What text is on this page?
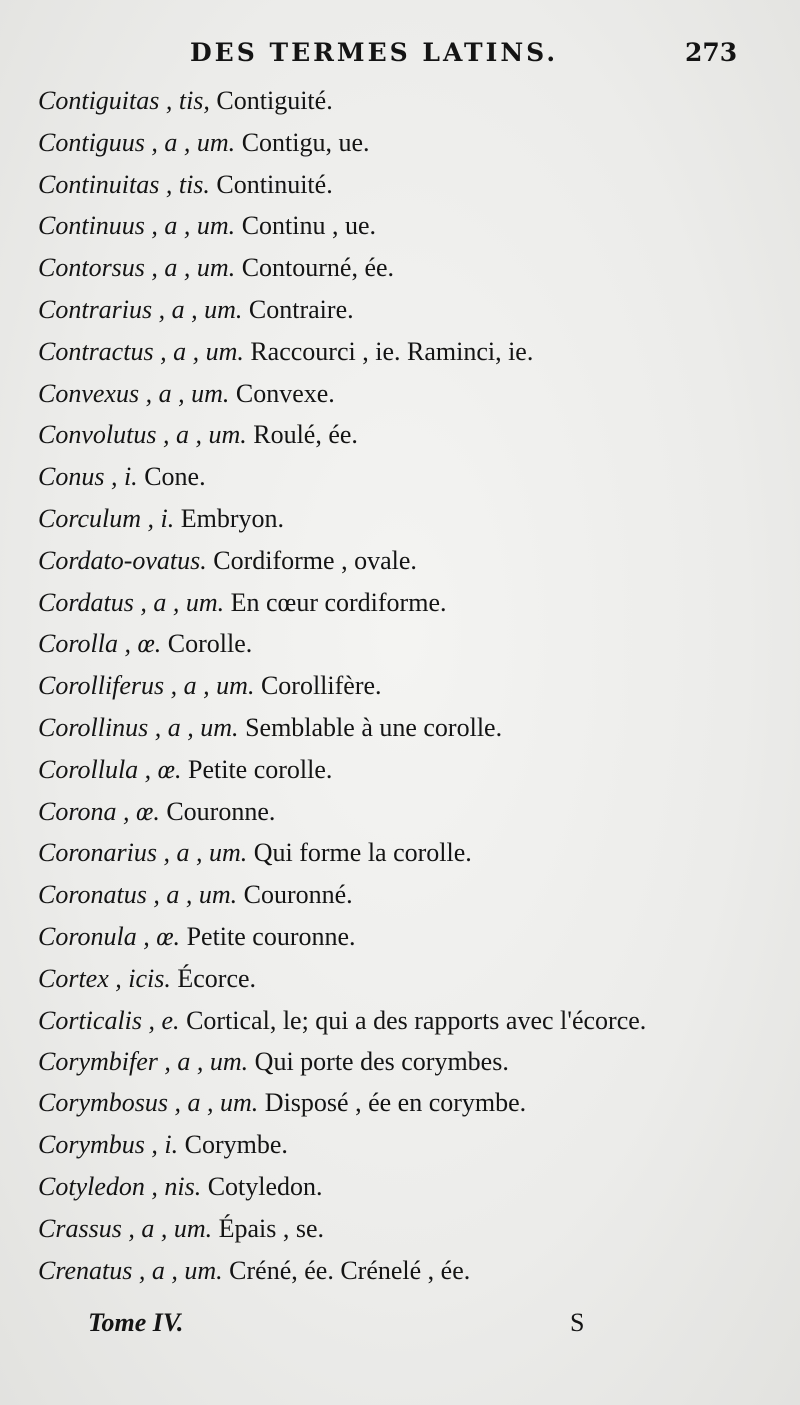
DES TERMES LATINS.	273
Contiguitas , tis, Contiguité.
Contiguus , a , um. Contigu, ue.
Continuitas , tis. Continuité.
Continuus , a , um. Continu , ue.
Contorsus , a , um. Contourné, ée.
Contrarius , a , um. Contraire.
Contractus , a , um. Raccourci , ie. Raminci, ie.
Convexus , a , um. Convexe.
Convolutus , a , um. Roulé, ée.
Conus , i. Cone.
Corculum , i. Embryon.
Cordato-ovatus. Cordiforme , ovale.
Cordatus , a , um. En cœur cordiforme.
Corolla , œ. Corolle.
Corolliferus , a , um. Corollifère.
Corollinus , a , um. Semblable à une corolle.
Corollula , œ. Petite corolle.
Corona , œ. Couronne.
Coronarius , a , um. Qui forme la corolle.
Coronatus , a , um. Couronné.
Coronula , œ. Petite couronne.
Cortex , icis. Écorce.
Corticalis , e. Cortical, le; qui a des rapports avec l'écorce.
Corymbifer , a , um. Qui porte des corymbes.
Corymbosus , a , um. Disposé , ée en corymbe.
Corymbus , i. Corymbe.
Cotyledon , nis. Cotyledon.
Crassus , a , um. Épais , se.
Crenatus , a , um. Créné, ée. Crénelé , ée.
Tome IV.	S
